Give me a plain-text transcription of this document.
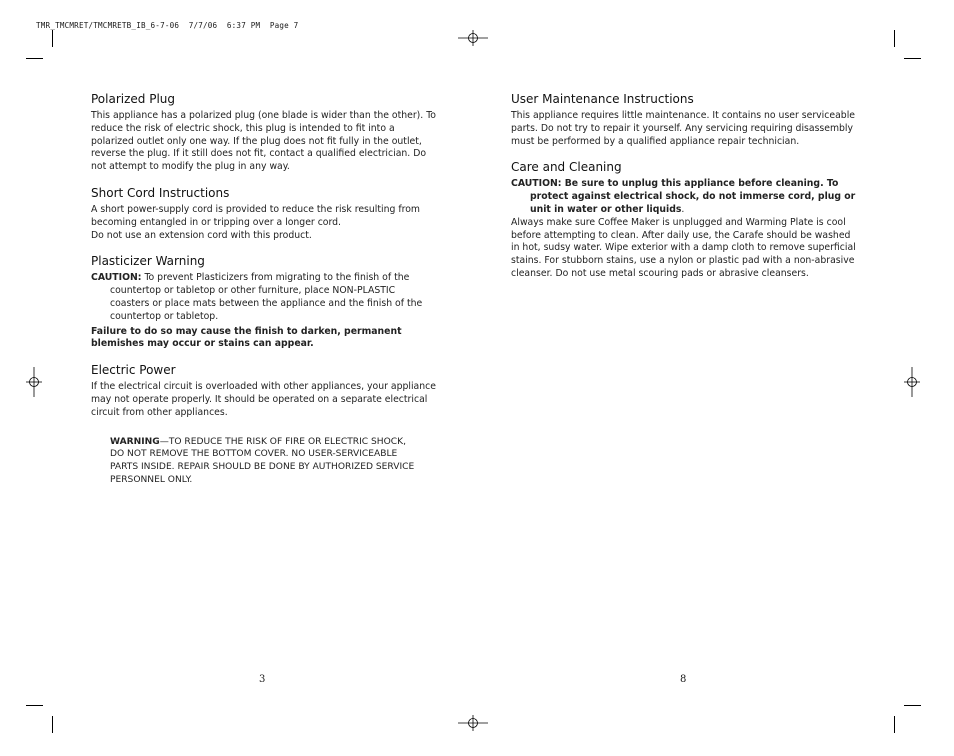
TMR_TMCMRET/TMCMRETB_IB_6-7-06  7/7/06  6:37 PM  Page 7
Polarized Plug

This appliance has a polarized plug (one blade is wider than the other). To reduce the risk of electric shock, this plug is intended to fit into a polarized outlet only one way. If the plug does not fit fully in the outlet, reverse the plug. If it still does not fit, contact a qualified electrician. Do not attempt to modify the plug in any way.

Short Cord Instructions

A short power-supply cord is provided to reduce the risk resulting from becoming entangled in or tripping over a longer cord.

Do not use an extension cord with this product.

Plasticizer Warning

CAUTION: To prevent Plasticizers from migrating to the finish of the countertop or tabletop or other furniture, place NON-PLASTIC coasters or place mats between the appliance and the finish of the countertop or tabletop.

Failure to do so may cause the finish to darken, permanent blemishes may occur or stains can appear.

Electric Power

If the electrical circuit is overloaded with other appliances, your appliance may not operate properly. It should be operated on a separate electrical circuit from other appliances.

WARNING—TO REDUCE THE RISK OF FIRE OR ELECTRIC SHOCK, DO NOT REMOVE THE BOTTOM COVER. NO USER-SERVICEABLE PARTS INSIDE. REPAIR SHOULD BE DONE BY AUTHORIZED SERVICE PERSONNEL ONLY.

3
User Maintenance Instructions

This appliance requires little maintenance. It contains no user serviceable parts. Do not try to repair it yourself. Any servicing requiring disassembly must be performed by a qualified appliance repair technician.

Care and Cleaning

CAUTION: Be sure to unplug this appliance before cleaning. To protect against electrical shock, do not immerse cord, plug or unit in water or other liquids.

Always make sure Coffee Maker is unplugged and Warming Plate is cool before attempting to clean. After daily use, the Carafe should be washed in hot, sudsy water. Wipe exterior with a damp cloth to remove superficial stains. For stubborn stains, use a nylon or plastic pad with a non-abrasive cleanser. Do not use metal scouring pads or abrasive cleansers.

8
